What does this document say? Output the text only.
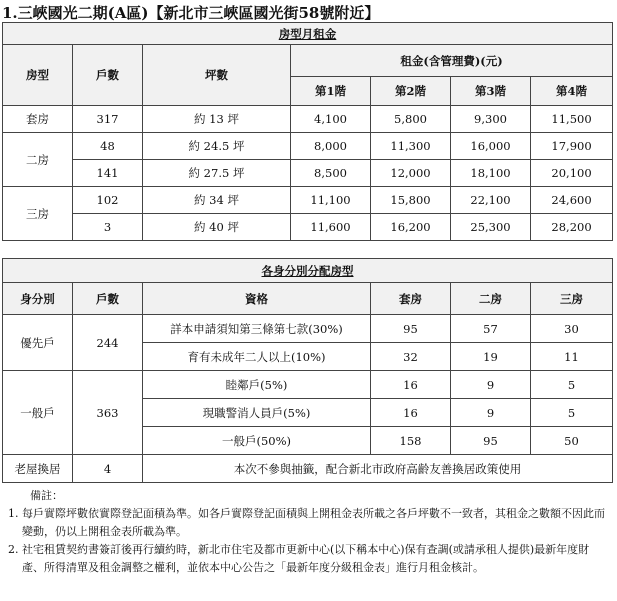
1.三峽國光二期(A區)【新北市三峽區國光街58號附近】
房型月租金						
房型	戶數	坪數	租金(含管理費)(元)			
			第1階	第2階	第3階	第4階
套房	317	約 13 坪	4,100	5,800	9,300	11,500
二房	48	約 24.5 坪	8,000	11,300	16,000	17,900
	141	約 27.5 坪	8,500	12,000	18,100	20,100
三房	102	約 34 坪	11,100	15,800	22,100	24,600
	3	約 40 坪	11,600	16,200	25,300	28,200
各身分別分配房型					
身分別	戶數	資格	套房	二房	三房
優先戶	244	詳本申請須知第三條第七款(30%)	95	57	30
		育有未成年二人以上(10%)	32	19	11
一般戶	363	睦鄰戶(5%)	16	9	5
		現職警消人員戶(5%)	16	9	5
		一般戶(50%)	158	95	50
老屋換居	4	本次不參與抽籤，配合新北市政府高齡友善換居政策使用			
備註：
1. 每戶實際坪數依實際登記面積為準。如各戶實際登記面積與上開租金表所載之各戶坪數不一致者，其租金之數額不因此而變動，仍以上開租金表所載為準。
2. 社宅租賃契約書簽訂後再行續約時，新北市住宅及都市更新中心(以下稱本中心)保有查調(或請承租人提供)最新年度財產、所得清單及租金調整之權利，並依本中心公告之「最新年度分級租金表」進行月租金核計。
